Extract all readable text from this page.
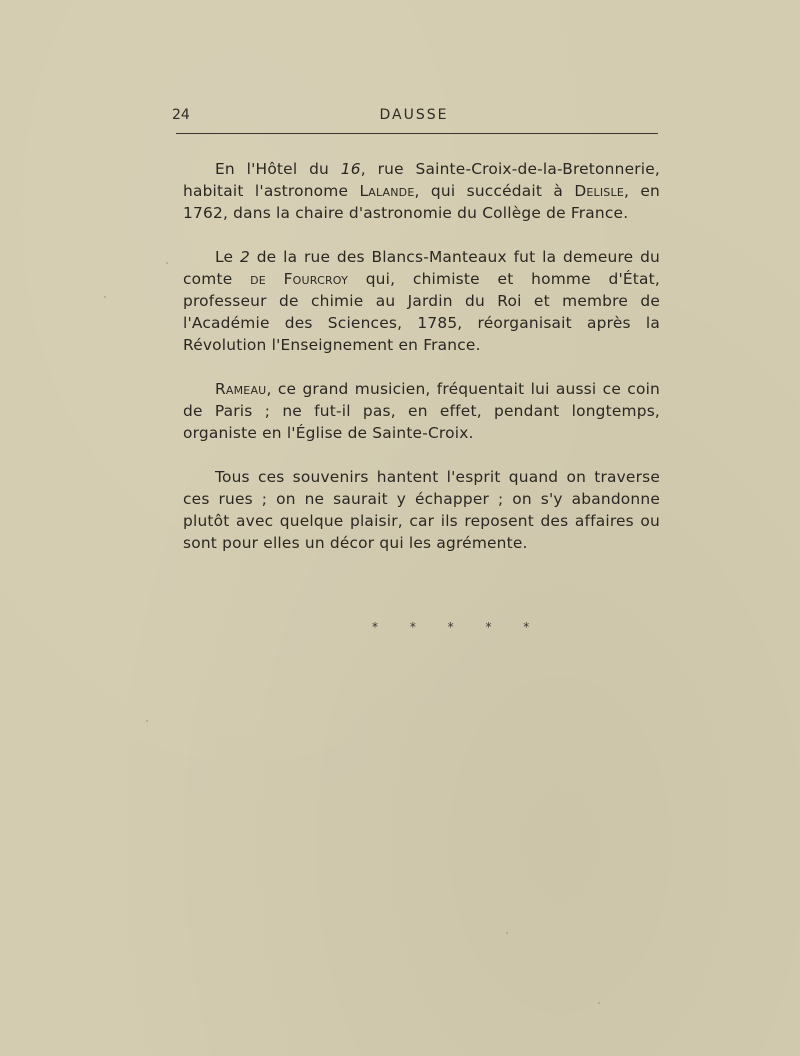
24	DAUSSE

En l'Hôtel du 16, rue Sainte-Croix-de-la-Bretonnerie, habitait l'astronome Lalande, qui succédait à Delisle, en 1762, dans la chaire d'astronomie du Collège de France.

Le 2 de la rue des Blancs-Manteaux fut la demeure du comte de Fourcroy qui, chimiste et homme d'État, professeur de chimie au Jardin du Roi et membre de l'Académie des Sciences, 1785, réorganisait après la Révolution l'Enseignement en France.

Rameau, ce grand musicien, fréquentait lui aussi ce coin de Paris ; ne fut-il pas, en effet, pendant longtemps, organiste en l'Église de Sainte-Croix.

Tous ces souvenirs hantent l'esprit quand on traverse ces rues ; on ne saurait y échapper ; on s'y abandonne plutôt avec quelque plaisir, car ils reposent des affaires ou sont pour elles un décor qui les agrémente.

* * * * *
